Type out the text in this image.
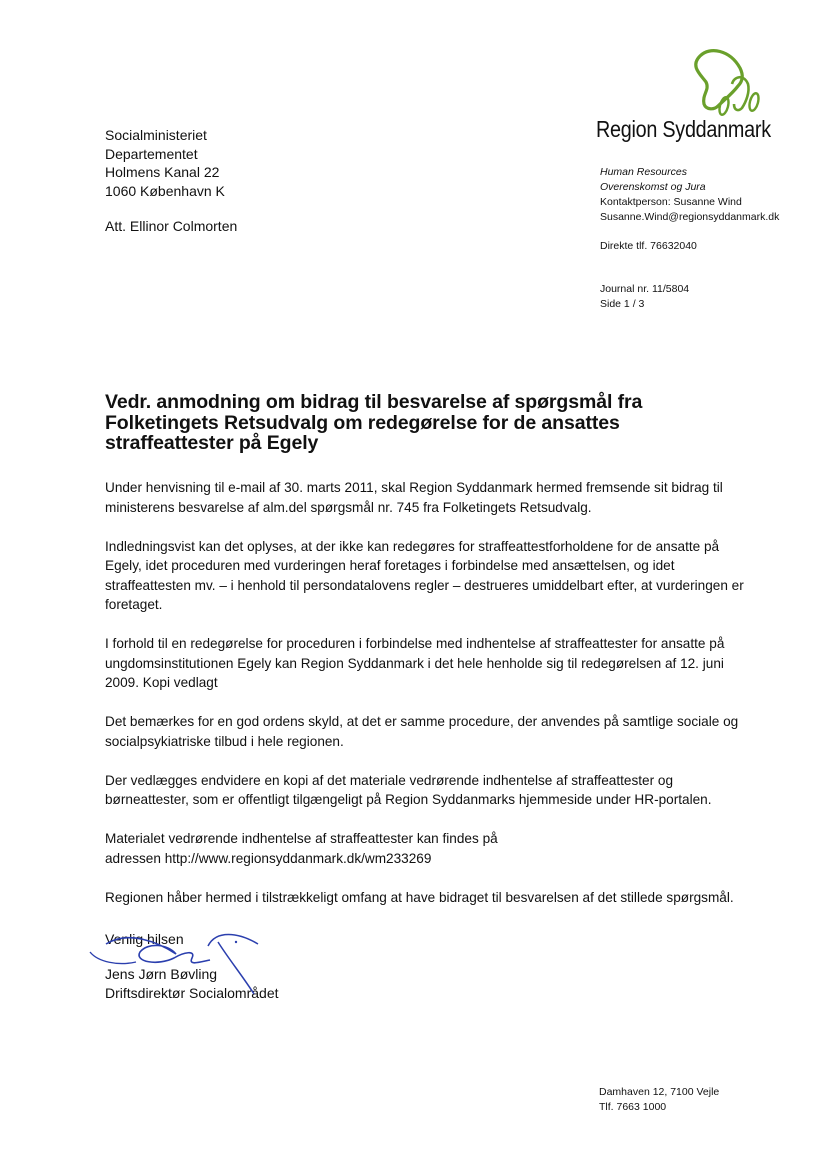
Socialministeriet
Departementet
Holmens Kanal 22
1060 København K
Att. Ellinor Colmorten
Region Syddanmark
Human Resources
Overenskomst og Jura
Kontaktperson: Susanne Wind
Susanne.Wind@regionsyddanmark.dk
Direkte tlf. 76632040
Journal nr. 11/5804
Side 1 / 3
Vedr. anmodning om bidrag til besvarelse af spørgsmål fra Folketingets Retsudvalg om redegørelse for de ansattes straffeattester på Egely

Under henvisning til e-mail af 30. marts 2011, skal Region Syddanmark hermed fremsende sit bidrag til ministerens besvarelse af alm.del spørgsmål nr. 745 fra Folketingets Retsudvalg.

Indledningsvist kan det oplyses, at der ikke kan redegøres for straffeattestforholdene for de ansatte på Egely, idet proceduren med vurderingen heraf foretages i forbindelse med ansættelsen, og idet straffeattesten mv. – i henhold til persondatalovens regler – destrueres umiddelbart efter, at vurderingen er foretaget.

I forhold til en redegørelse for proceduren i forbindelse med indhentelse af straffeattester for ansatte på ungdomsinstitutionen Egely kan Region Syddanmark i det hele henholde sig til redegørelsen af 12. juni 2009. Kopi vedlagt

Det bemærkes for en god ordens skyld, at det er samme procedure, der anvendes på samtlige sociale og socialpsykiatriske tilbud i hele regionen.

Der vedlægges endvidere en kopi af det materiale vedrørende indhentelse af straffeattester og børneattester, som er offentligt tilgængeligt på Region Syddanmarks hjemmeside under HR-portalen.

Materialet vedrørende indhentelse af straffeattester kan findes på adressen http://www.regionsyddanmark.dk/wm233269

Regionen håber hermed i tilstrækkeligt omfang at have bidraget til besvarelsen af det stillede spørgsmål.

Venlig hilsen
Jens Jørn Bøvling
Driftsdirektør Socialområdet
Damhaven 12, 7100 Vejle
Tlf. 7663 1000
